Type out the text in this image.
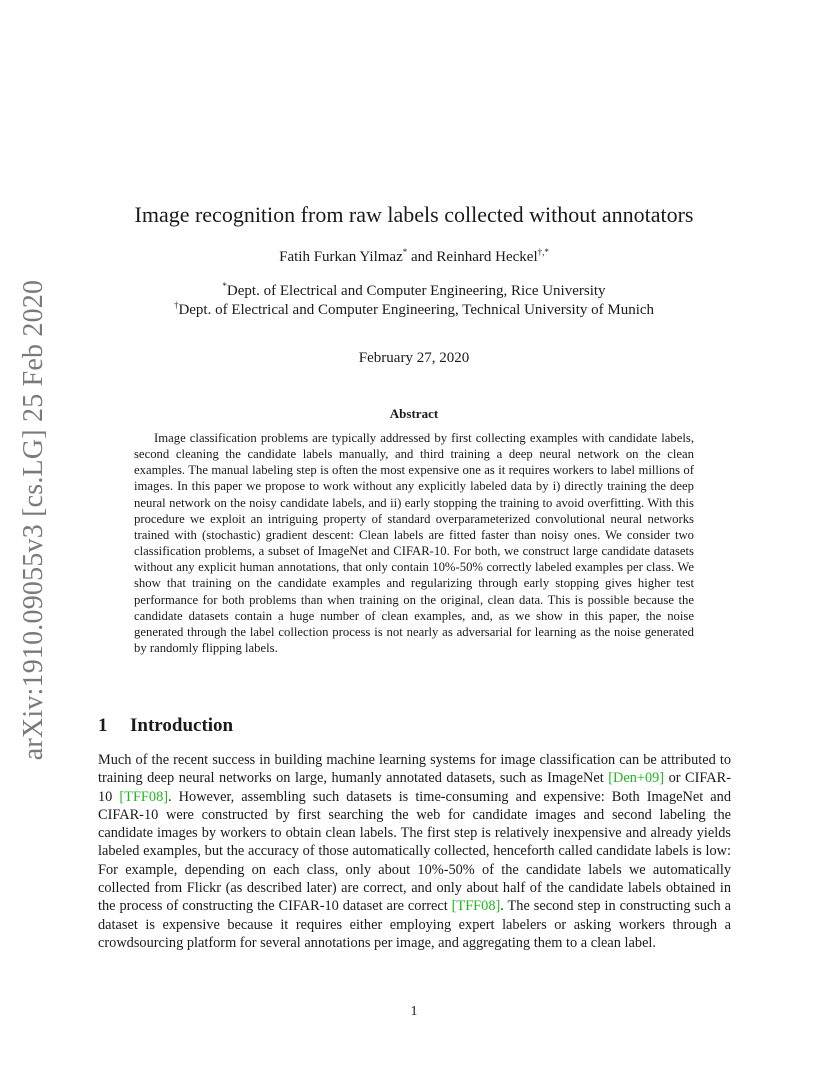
arXiv:1910.09055v3 [cs.LG] 25 Feb 2020
Image recognition from raw labels collected without annotators
Fatih Furkan Yilmaz* and Reinhard Heckel†,*
*Dept. of Electrical and Computer Engineering, Rice University
†Dept. of Electrical and Computer Engineering, Technical University of Munich
February 27, 2020
Abstract

Image classification problems are typically addressed by first collecting examples with candidate labels, second cleaning the candidate labels manually, and third training a deep neural network on the clean examples. The manual labeling step is often the most expensive one as it requires workers to label millions of images. In this paper we propose to work without any explicitly labeled data by i) directly training the deep neural network on the noisy candidate labels, and ii) early stopping the training to avoid overfitting. With this procedure we exploit an intriguing property of standard overparameterized convolutional neural networks trained with (stochastic) gradient descent: Clean labels are fitted faster than noisy ones. We consider two classification problems, a subset of ImageNet and CIFAR-10. For both, we construct large candidate datasets without any explicit human annotations, that only contain 10%-50% correctly labeled examples per class. We show that training on the candidate examples and regularizing through early stopping gives higher test performance for both problems than when training on the original, clean data. This is possible because the candidate datasets contain a huge number of clean examples, and, as we show in this paper, the noise generated through the label collection process is not nearly as adversarial for learning as the noise generated by randomly flipping labels.

1 Introduction

Much of the recent success in building machine learning systems for image classification can be attributed to training deep neural networks on large, humanly annotated datasets, such as ImageNet [Den+09] or CIFAR-10 [TFF08]. However, assembling such datasets is time-consuming and expensive: Both ImageNet and CIFAR-10 were constructed by first searching the web for candidate images and second labeling the candidate images by workers to obtain clean labels. The first step is relatively inexpensive and already yields labeled examples, but the accuracy of those automatically collected, henceforth called candidate labels is low: For example, depending on each class, only about 10%-50% of the candidate labels we automatically collected from Flickr (as described later) are correct, and only about half of the candidate labels obtained in the process of constructing the CIFAR-10 dataset are correct [TFF08]. The second step in constructing such a dataset is expensive because it requires either employing expert labelers or asking workers through a crowdsourcing platform for several annotations per image, and aggregating them to a clean label.

1
